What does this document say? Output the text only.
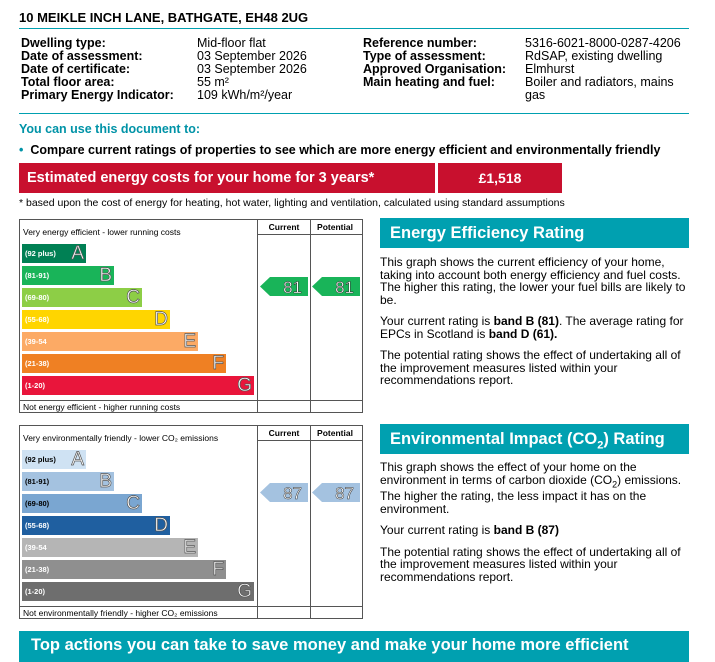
10 MEIKLE INCH LANE, BATHGATE, EH48 2UG
Dwelling type:	Mid-floor flat
Date of assessment:	03 September 2026
Date of certificate:	03 September 2026
Total floor area:	55 m²
Primary Energy Indicator: 109 kWh/m²/year
Reference number:	5316-6021-8000-0287-4206
Type of assessment:	RdSAP, existing dwelling
Approved Organisation: Elmhurst
Main heating and fuel: Boiler and radiators, mains
gas
You can use this document to:
• Compare current ratings of properties to see which are more energy efficient and environmentally friendly
Estimated energy costs for your home for 3 years*	£1,518
* based upon the cost of energy for heating, hot water, lighting and ventilation, calculated using standard assumptions
Current	Potential
Very energy efficient - lower running costs
Not energy efficient - higher running costs
(92 plus) A
(81-91)	B
(69-80)	C
(55-68)	D
(39-54	E
(21-38)	F
(1-20)	G
81 81
Current	Potential
Very environmentally friendly - lower CO₂ emissions
Not environmentally friendly - higher CO₂ emissions
(92 plus) A
(81-91)	B
(69-80)	C
(55-68)	D
(39-54	E
(21-38)	F
(1-20)	G
87 87
Energy Efficiency Rating

This graph shows the current efficiency of your home, taking into account both energy efficiency and fuel costs. The higher this rating, the lower your fuel bills are likely to be.

Your current rating is band B (81). The average rating for EPCs in Scotland is band D (61).

The potential rating shows the effect of undertaking all of the improvement measures listed within your recommendations report.

Environmental Impact $(CO_2)$ Rating

This graph shows the effect of your home on the environment in terms of carbon dioxide $(CO_2)$ emissions. The higher the rating, the less impact it has on the environment.

Your current rating is band B (87)

The potential rating shows the effect of undertaking all of the improvement measures listed within your recommendations report.

Top actions you can take to save money and make your home more efficient
